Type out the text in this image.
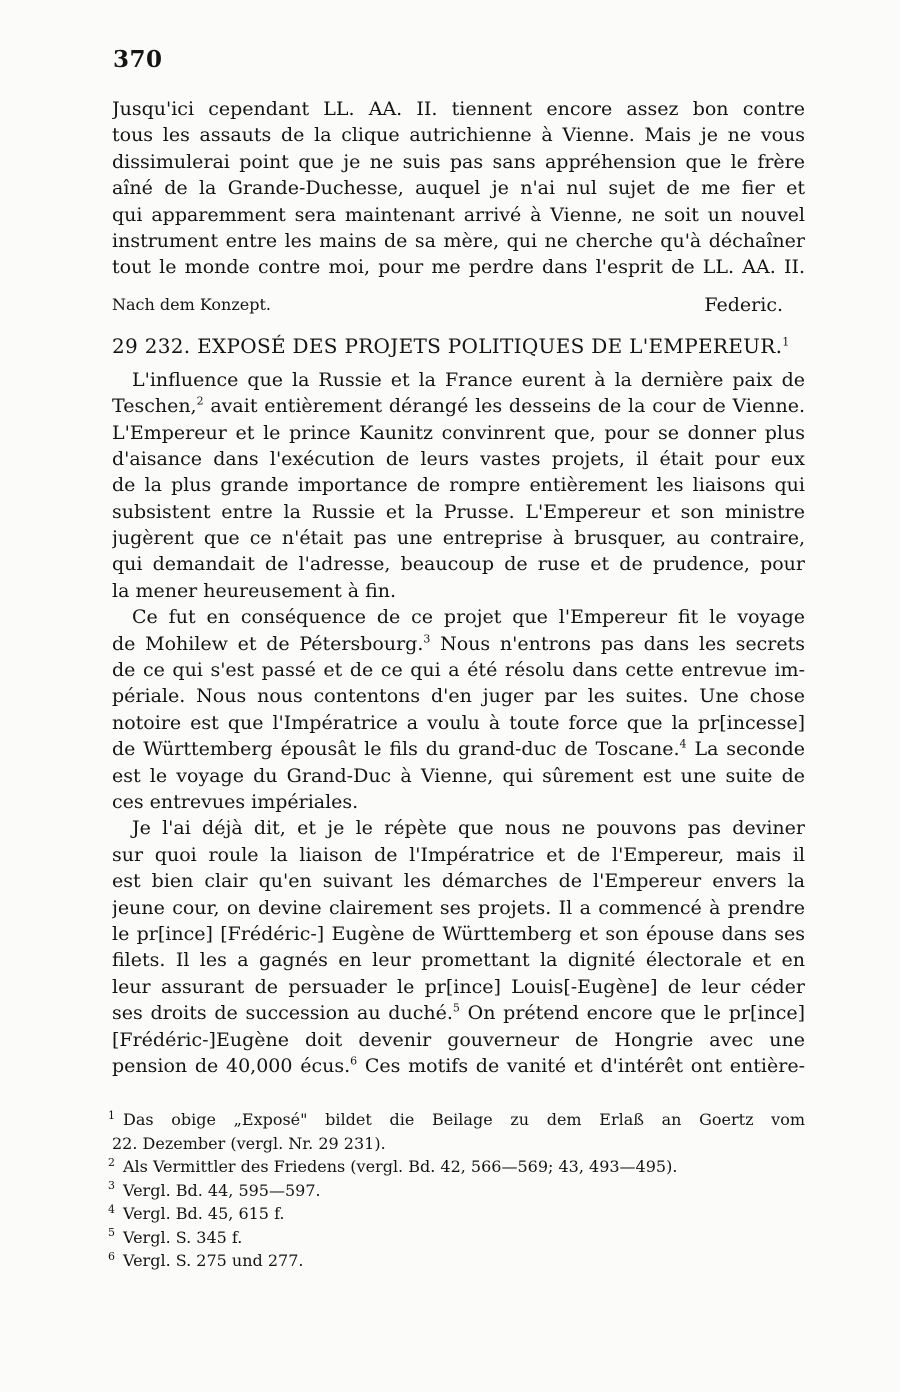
370
Jusqu'ici cependant LL. AA. II. tiennent encore assez bon contre
tous les assauts de la clique autrichienne à Vienne. Mais je ne vous
dissimulerai point que je ne suis pas sans appréhension que le frère
aîné de la Grande-Duchesse, auquel je n'ai nul sujet de me fier et
qui apparemment sera maintenant arrivé à Vienne, ne soit un nouvel
instrument entre les mains de sa mère, qui ne cherche qu'à déchaîner
tout le monde contre moi, pour me perdre dans l'esprit de LL. AA. II.
Nach dem Konzept.	Federic.
29 232. EXPOSÉ DES PROJETS POLITIQUES DE L'EMPEREUR.$^1$
L'influence que la Russie et la France eurent à la dernière paix de
Teschen,$^2$ avait entièrement dérangé les desseins de la cour de Vienne.
L'Empereur et le prince Kaunitz convinrent que, pour se donner plus
d'aisance dans l'exécution de leurs vastes projets, il était pour eux
de la plus grande importance de rompre entièrement les liaisons qui
subsistent entre la Russie et la Prusse. L'Empereur et son ministre
jugèrent que ce n'était pas une entreprise à brusquer, au contraire,
qui demandait de l'adresse, beaucoup de ruse et de prudence, pour
la mener heureusement à fin.
Ce fut en conséquence de ce projet que l'Empereur fit le voyage
de Mohilew et de Pétersbourg.$^3$ Nous n'entrons pas dans les secrets
de ce qui s'est passé et de ce qui a été résolu dans cette entrevue im-
périale. Nous nous contentons d'en juger par les suites. Une chose
notoire est que l'Impératrice a voulu à toute force que la pr[incesse]
de Württemberg épousât le fils du grand-duc de Toscane.$^4$ La seconde
est le voyage du Grand-Duc à Vienne, qui sûrement est une suite de
ces entrevues impériales.
Je l'ai déjà dit, et je le répète que nous ne pouvons pas deviner
sur quoi roule la liaison de l'Impératrice et de l'Empereur, mais il
est bien clair qu'en suivant les démarches de l'Empereur envers la
jeune cour, on devine clairement ses projets. Il a commencé à prendre
le pr[ince] [Frédéric-] Eugène de Württemberg et son épouse dans ses
filets. Il les a gagnés en leur promettant la dignité électorale et en
leur assurant de persuader le pr[ince] Louis[-Eugène] de leur céder
ses droits de succession au duché.$^5$ On prétend encore que le pr[ince]
[Frédéric-]Eugène doit devenir gouverneur de Hongrie avec une
pension de 40,000 écus.$^6$ Ces motifs de vanité et d'intérêt ont entière-
$^1$ Das obige „Exposé" bildet die Beilage zu dem Erlaß an Goertz vom
22. Dezember (vergl. Nr. 29 231).
$^2$ Als Vermittler des Friedens (vergl. Bd. 42, 566—569; 43, 493—495).
$^3$ Vergl. Bd. 44, 595—597.
$^4$ Vergl. Bd. 45, 615 f.
$^5$ Vergl. S. 345 f.
$^6$ Vergl. S. 275 und 277.
